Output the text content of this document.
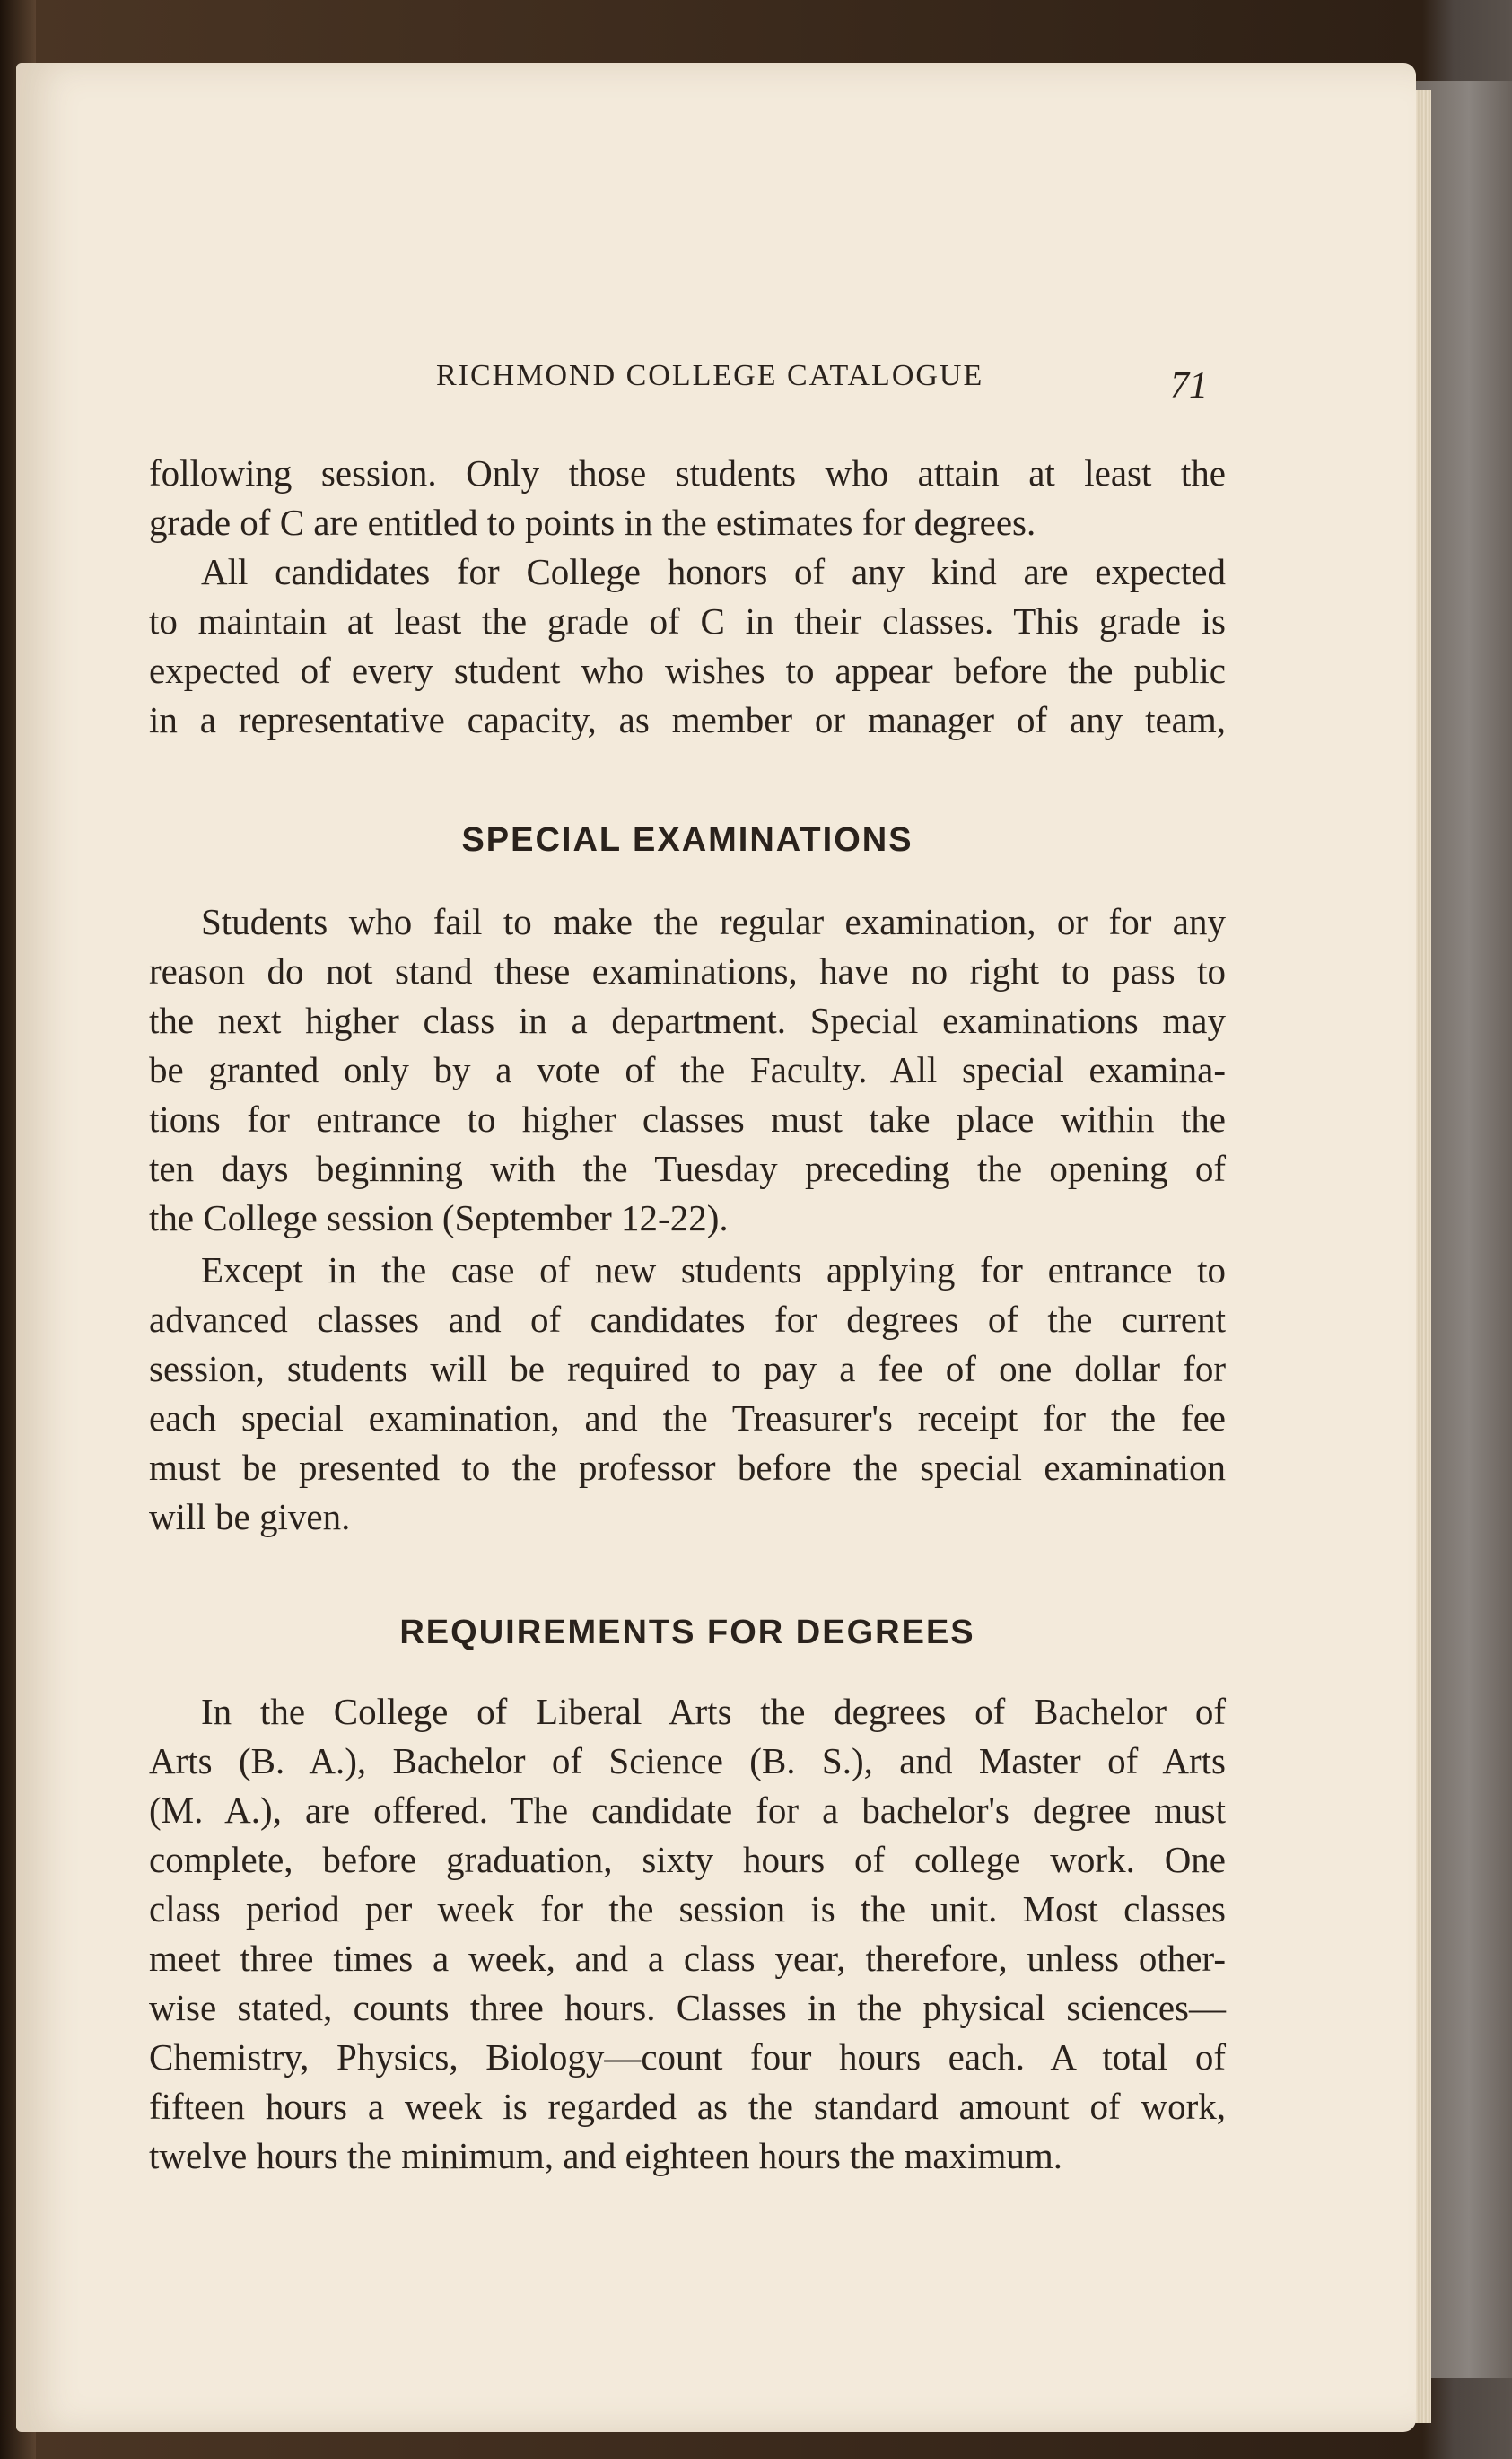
RICHMOND COLLEGE CATALOGUE	71

following session. Only those students who attain at least the
grade of C are entitled to points in the estimates for degrees.

All candidates for College honors of any kind are expected
to maintain at least the grade of C in their classes. This grade is
expected of every student who wishes to appear before the public
in a representative capacity, as member or manager of any team,

SPECIAL EXAMINATIONS

Students who fail to make the regular examination, or for any
reason do not stand these examinations, have no right to pass to
the next higher class in a department. Special examinations may
be granted only by a vote of the Faculty. All special examina-
tions for entrance to higher classes must take place within the
ten days beginning with the Tuesday preceding the opening of
the College session (September 12-22).

Except in the case of new students applying for entrance to
advanced classes and of candidates for degrees of the current
session, students will be required to pay a fee of one dollar for
each special examination, and the Treasurer's receipt for the fee
must be presented to the professor before the special examination
will be given.

REQUIREMENTS FOR DEGREES

In the College of Liberal Arts the degrees of Bachelor of
Arts (B. A.), Bachelor of Science (B. S.), and Master of Arts
(M. A.), are offered. The candidate for a bachelor's degree must
complete, before graduation, sixty hours of college work. One
class period per week for the session is the unit. Most classes
meet three times a week, and a class year, therefore, unless other-
wise stated, counts three hours. Classes in the physical sciences—
Chemistry, Physics, Biology—count four hours each. A total of
fifteen hours a week is regarded as the standard amount of work,
twelve hours the minimum, and eighteen hours the maximum.
